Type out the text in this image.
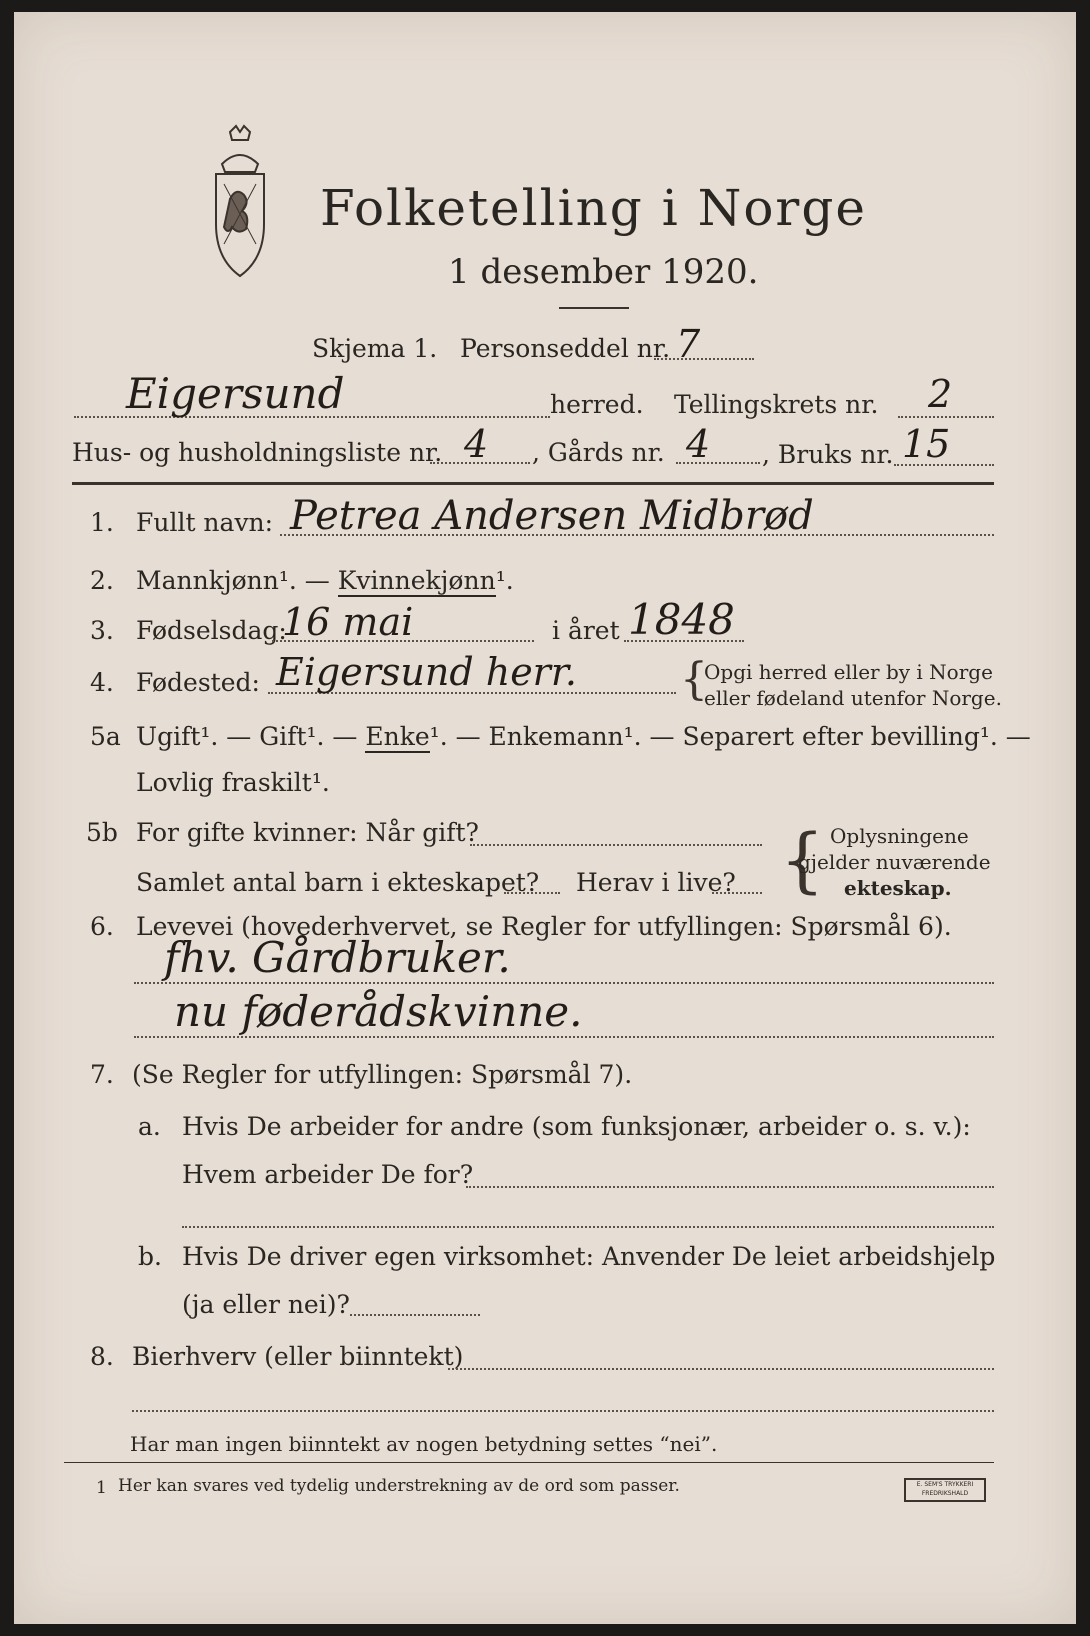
Folketelling i Norge
1 desember 1920.
Skjema 1. Personseddel nr. 7
Eigersund	herred. Tellingskrets nr. 2
Hus- og husholdningsliste nr. 4 , Gårds nr. 4 , Bruks nr. 15
1. Fullt navn: Petrea Andersen Midbrød
2. Mannkjønn¹. — Kvinnekjønn¹.
3. Fødselsdag:
16 mai	i året 1848
4. Fødested: Eigersund herr. {
Opgi herred eller by i Norge
eller fødeland utenfor Norge.
5a Ugift¹. — Gift¹. — Enke¹. — Enkemann¹. — Separert efter bevilling¹. —
Lovlig fraskilt¹.
5b For gifte kvinner: Når gift?
Samlet antal barn i ekteskapet? Herav i live? { Oplysningene
gjelder nuværende
ekteskap.
6. Levevei (hovederhvervet, se Regler for utfyllingen: Spørsmål 6).
fhv. Gårdbruker.
nu føderådskvinne.
7. (Se Regler for utfyllingen: Spørsmål 7).
a. Hvis De arbeider for andre (som funksjonær, arbeider o. s. v.):
Hvem arbeider De for?
b. Hvis De driver egen virksomhet: Anvender De leiet arbeidshjelp
(ja eller nei)?
8. Bierhverv (eller biinntekt)
Har man ingen biinntekt av nogen betydning settes “nei”.
1 Her kan svares ved tydelig understrekning av de ord som passer.	E. SEM'S TRYKKERI
FREDRIKSHALD
